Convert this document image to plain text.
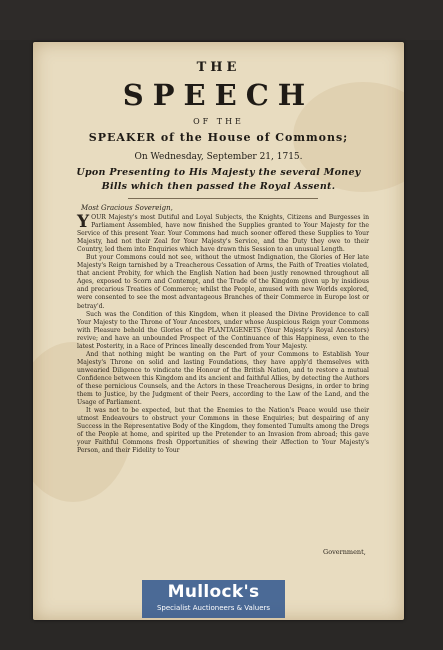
THE
SPEECH
OF THE
SPEAKER of the House of Commons;
On Wednesday, September 21, 1715.
Upon Presenting to His Majesty the several Money
Bills which then passed the Royal Assent.
Most Gracious Sovereign,

YOUR Majesty's most Dutiful and Loyal Subjects, the Knights, Citizens and Burgesses in Parliament Assembled, have now finished the Supplies granted to Your Majesty for the Service of this present Year. Your Commons had much sooner offered these Supplies to Your Majesty, had not their Zeal for Your Majesty's Service, and the Duty they owe to their Country, led them into Enquiries which have drawn this Session to an unusual Length.

But your Commons could not see, without the utmost Indignation, the Glories of Her late Majesty's Reign tarnished by a Treacherous Cessation of Arms, the Faith of Treaties violated, that ancient Probity, for which the English Nation had been justly renowned throughout all Ages, exposed to Scorn and Contempt, and the Trade of the Kingdom given up by insidious and precarious Treaties of Commerce; whilst the People, amused with new Worlds explored, were consented to see the most advantageous Branches of their Commerce in Europe lost or betray'd.

Such was the Condition of this Kingdom, when it pleased the Divine Providence to call Your Majesty to the Throne of Your Ancestors, under whose Auspicious Reign your Commons with Pleasure behold the Glories of the PLANTAGENETS (Your Majesty's Royal Ancestors) revive; and have an unbounded Prospect of the Continuance of this Happiness, even to the latest Posterity, in a Race of Princes lineally descended from Your Majesty.

And that nothing might be wanting on the Part of your Commons to Establish Your Majesty's Throne on solid and lasting Foundations, they have apply'd themselves with unwearied Diligence to vindicate the Honour of the British Nation, and to restore a mutual Confidence between this Kingdom and its ancient and faithful Allies, by detecting the Authors of these pernicious Counsels, and the Actors in these Treacherous Designs, in order to bring them to Justice, by the Judgment of their Peers, according to the Law of the Land, and the Usage of Parliament.

It was not to be expected, but that the Enemies to the Nation's Peace would use their utmost Endeavours to obstruct your Commons in these Enquiries; but despairing of any Success in the Representative Body of the Kingdom, they fomented Tumults among the Dregs of the People at home, and spirited up the Pretender to an Invasion from abroad; this gave your Faithful Commons fresh Opportunities of shewing their Affection to Your Majesty's Person, and their Fidelity to Your

Government,
Mullock's
Specialist Auctioneers & Valuers
